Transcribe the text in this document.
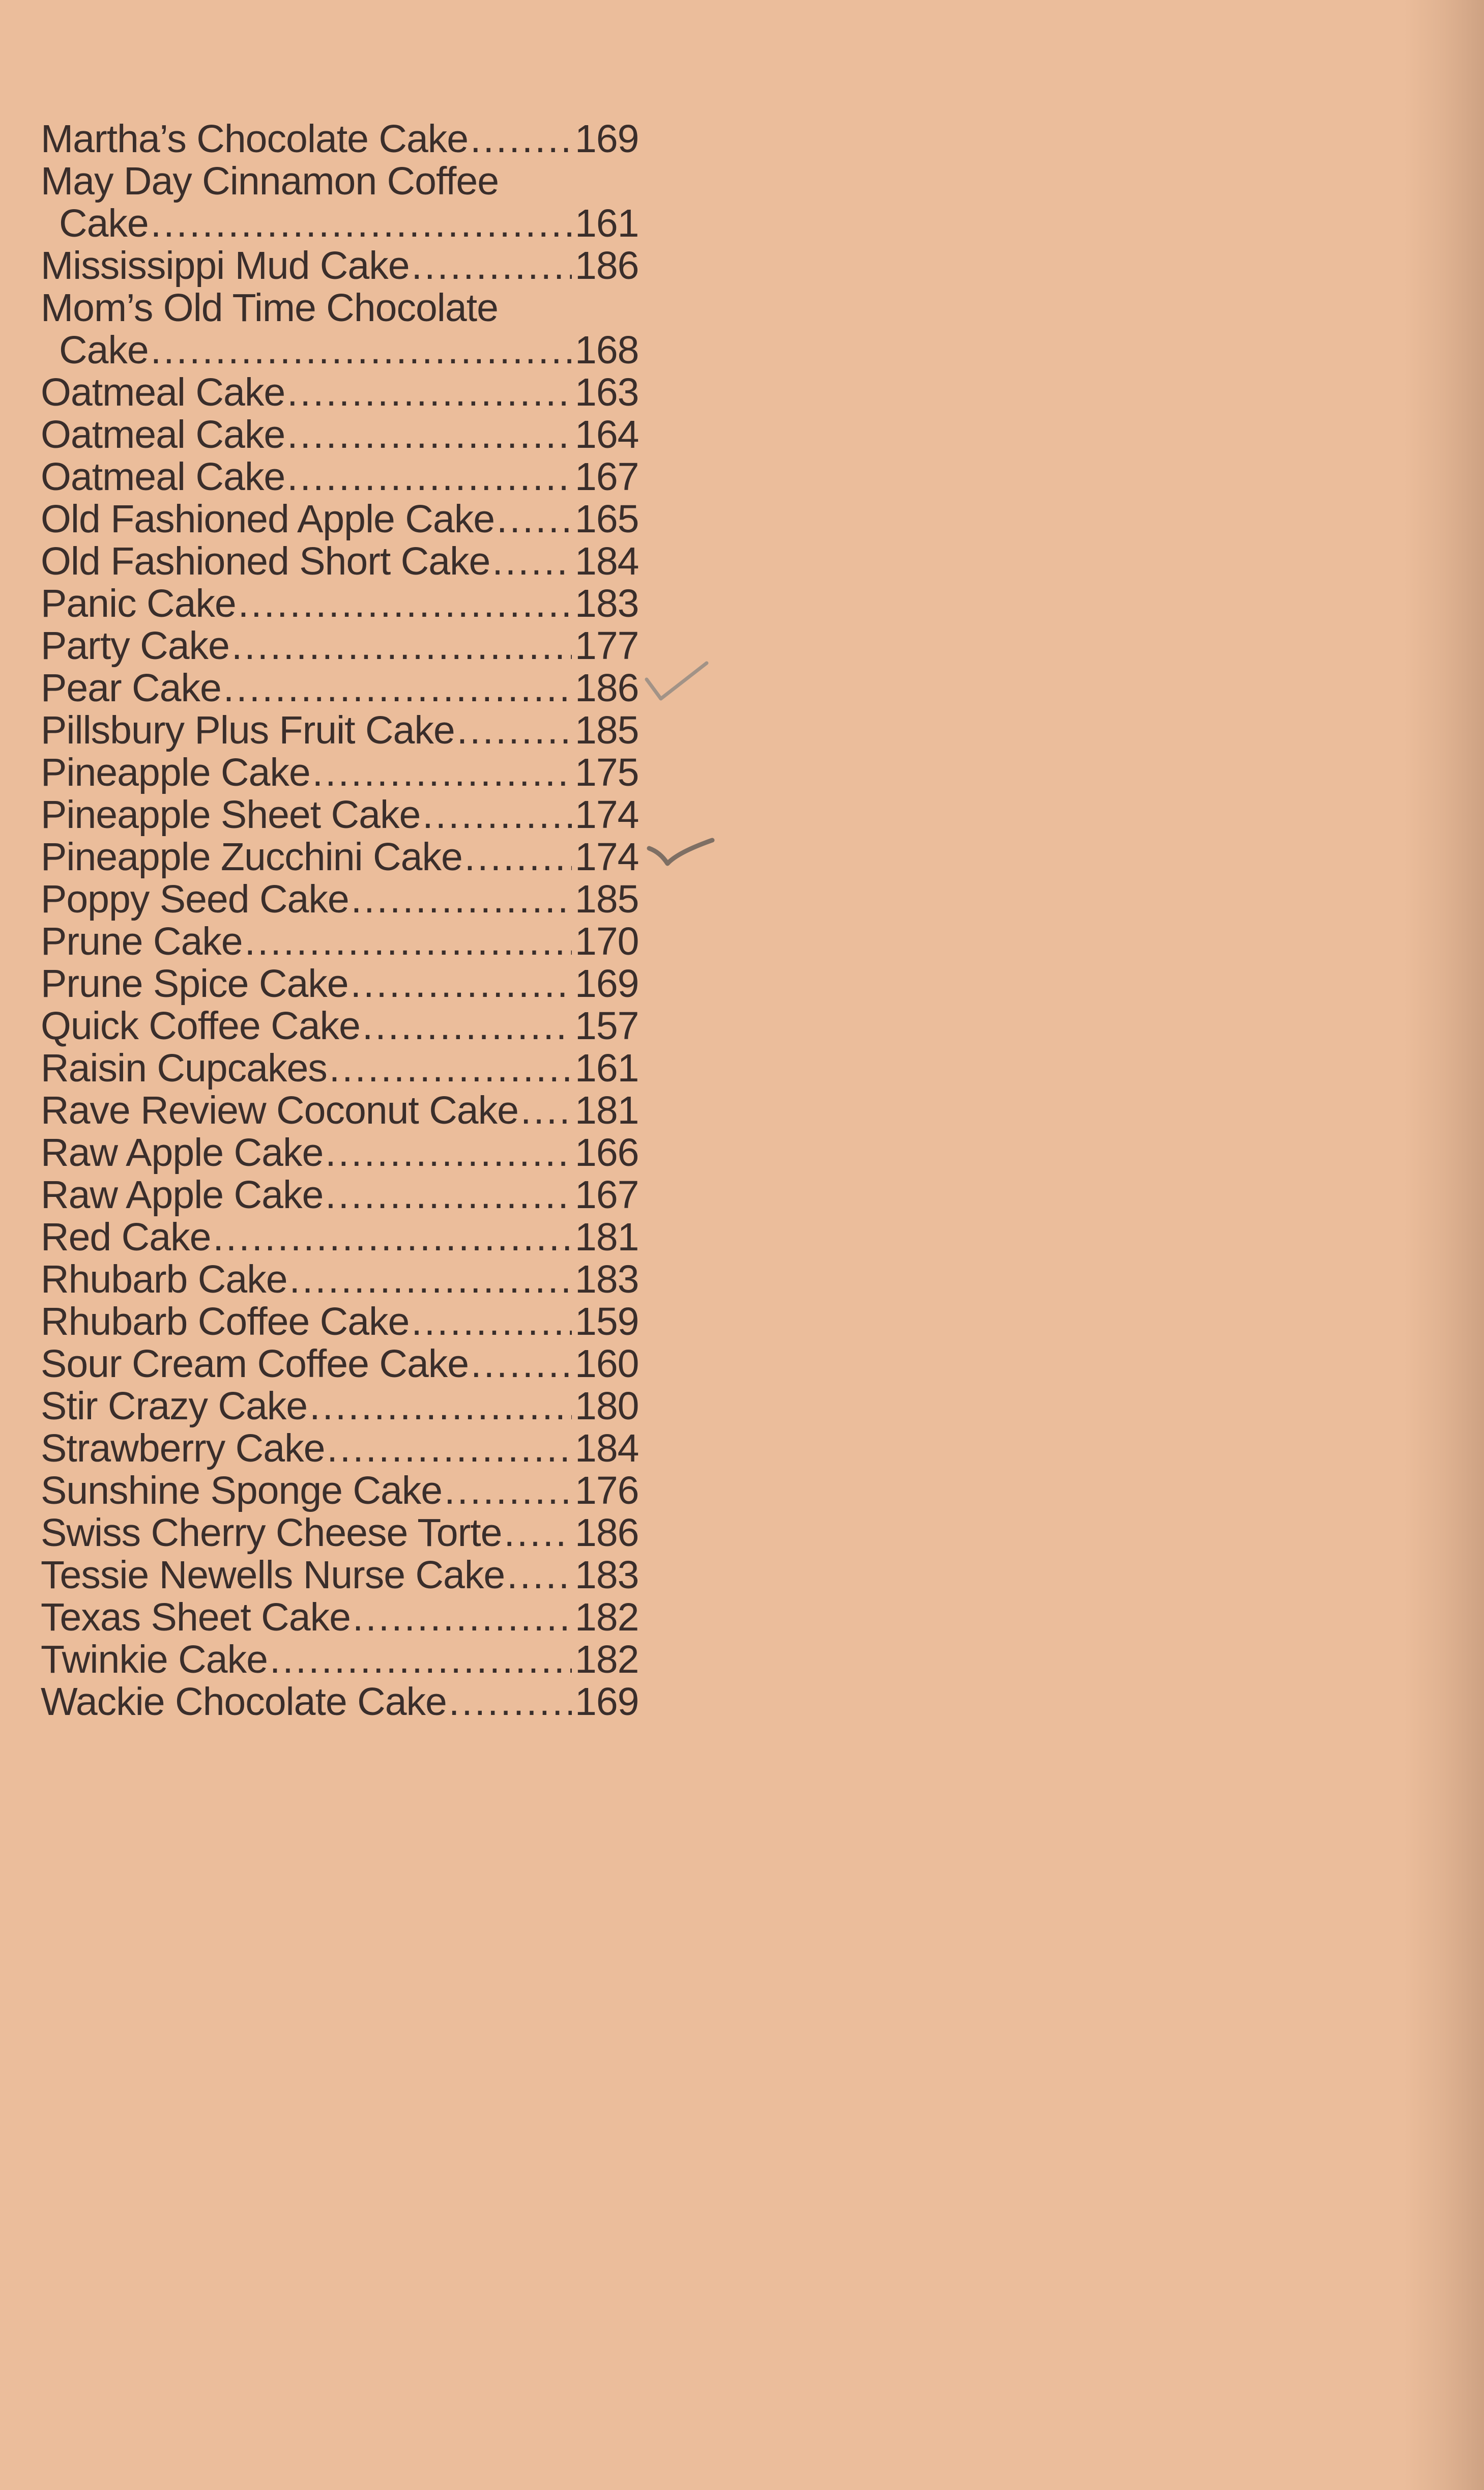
Martha’s Chocolate Cake .....	169
May Day Cinnamon Coffee
Cake .....	161
Mississippi Mud Cake .....	186
Mom’s Old Time Chocolate
Cake .....	168
Oatmeal Cake .....	163
Oatmeal Cake .....	164
Oatmeal Cake .....	167
Old Fashioned Apple Cake ..... 165
Old Fashioned Short Cake ..... 184
Panic Cake .....	183
Party Cake .....	177
Pear Cake .....	186
Pillsbury Plus Fruit Cake .....	185
Pineapple Cake .....	175
Pineapple Sheet Cake .....	174
Pineapple Zucchini Cake .....	174
Poppy Seed Cake .....	185
Prune Cake .....	170
Prune Spice Cake .....	169
Quick Coffee Cake .....	157
Raisin Cupcakes .....	161
Rave Review Coconut Cake ..... 181
Raw Apple Cake .....	166
Raw Apple Cake .....	167
Red Cake .....	181
Rhubarb Cake .....	183
Rhubarb Coffee Cake .....	159
Sour Cream Coffee Cake .....	160
Stir Crazy Cake .....	180
Strawberry Cake .....	184
Sunshine Sponge Cake .....	176
Swiss Cherry Cheese Torte ..... 186
Tessie Newells Nurse Cake ..... 183
Texas Sheet Cake .....	182
Twinkie Cake .....	182
Wackie Chocolate Cake .....	169
